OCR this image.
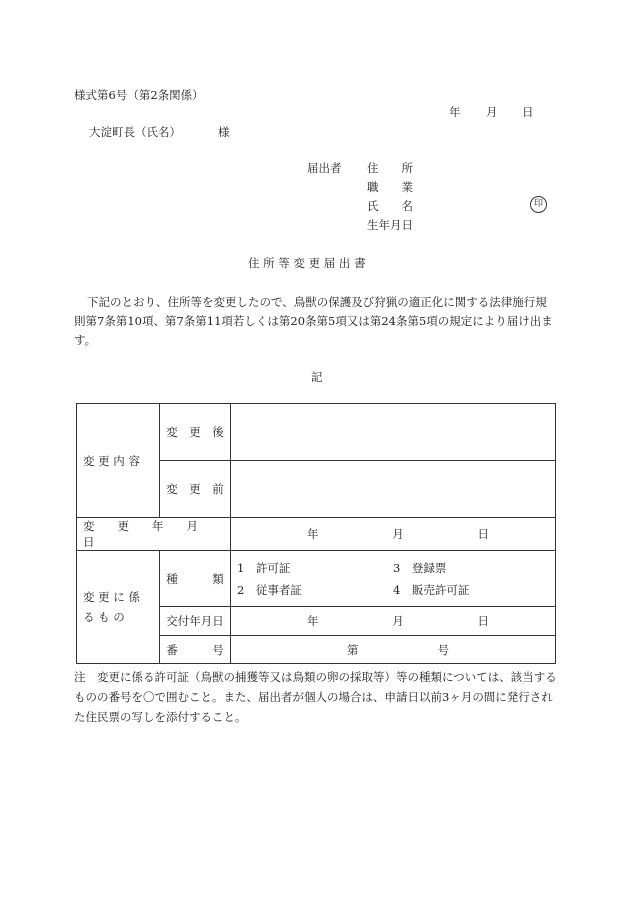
様式第6号（第2条関係）
年 月 日
大淀町長（氏名）	様
届出者 住　　所
職　　業
氏　　名
生年月日
印
住 所 等 変 更 届 出 書
下記のとおり、住所等を変更したので、鳥獣の保護及び狩猟の適正化に関する法律施行規則第7条第10項、第7条第11項若しくは第20条第5項又は第24条第5項の規定により届け出ます。
記
変 更 内 容	変　更　後	
	変　更　前	
変　　更　　年　　月　　日		年 月 日

変 更 に 係 る も の	種　　　類	1　許可証 3　登録票
2　従事者証 4　販売許可証

	交付年月日	年 月 日

	番　　　号	第 号
注　変更に係る許可証（鳥獣の捕獲等又は鳥類の卵の採取等）等の種類については、該当するものの番号を〇で囲むこと。また、届出者が個人の場合は、申請日以前3ヶ月の間に発行された住民票の写しを添付すること。
